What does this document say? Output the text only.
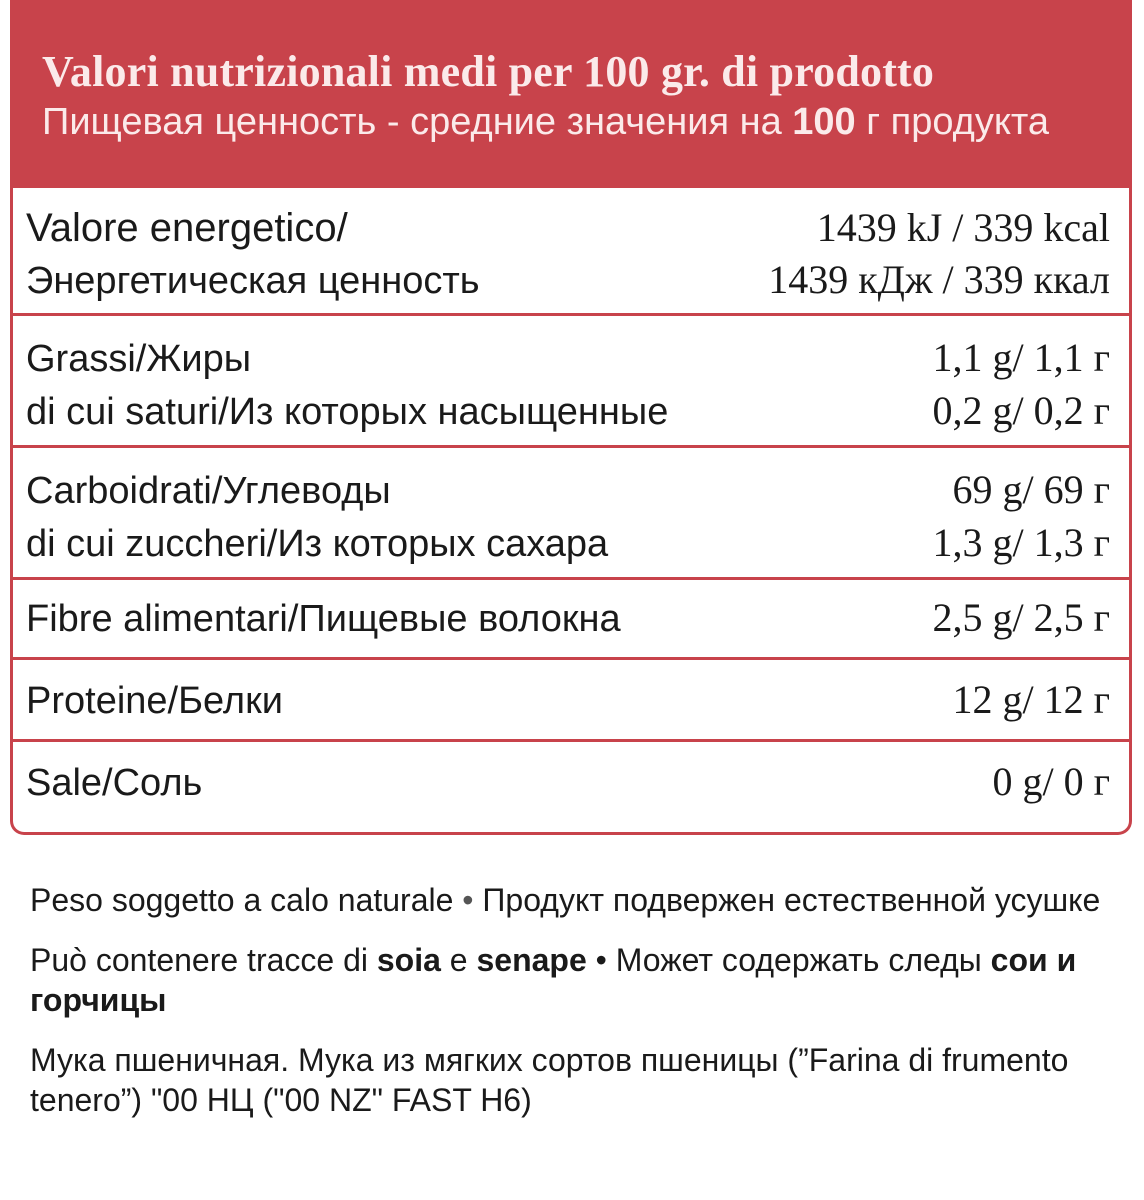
Valori nutrizionali medi per 100 gr. di prodotto
Пищевая ценность - средние значения на 100 г продукта
Valore energetico/	1439 kJ / 339 kcal
Энергетическая ценность	1439 кДж / 339 ккал
Grassi/Жиры	1,1 g/ 1,1 г
di cui saturi/Из которых насыщенные	0,2 g/ 0,2 г
Carboidrati/Углеводы	69 g/ 69 г
di cui zuccheri/Из которых сахара	1,3 g/ 1,3 г
Fibre alimentari/Пищевые волокна	2,5 g/ 2,5 г
Proteine/Белки	12 g/ 12 г
Sale/Соль	0 g/ 0 г
Peso soggetto a calo naturale • Продукт подвержен естественной усушке
Può contenere tracce di soia e senape • Может содержать следы сои и горчицы
Мука пшеничная. Мука из мягких сортов пшеницы (”Farina di frumento tenero”) "00 НЦ ("00 NZ" FAST Н6)
